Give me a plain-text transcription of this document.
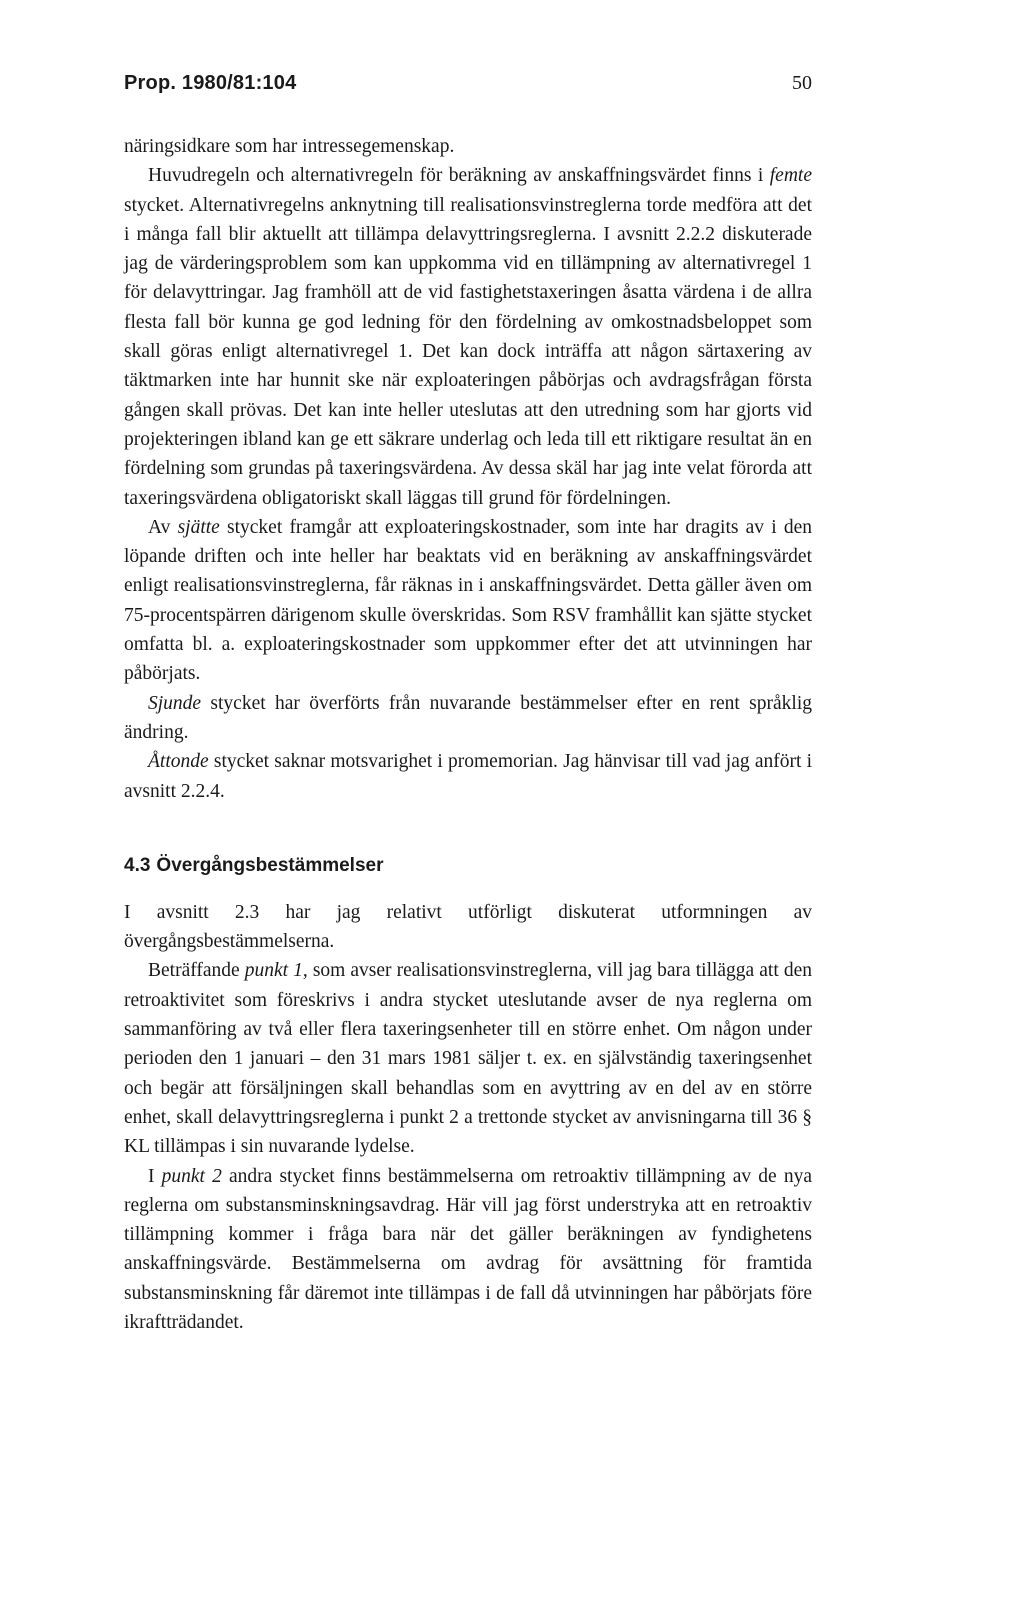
Prop. 1980/81:104	50

näringsidkare som har intressegemenskap.

Huvudregeln och alternativregeln för beräkning av anskaffningsvärdet finns i femte stycket. Alternativregelns anknytning till realisationsvinstreglerna torde medföra att det i många fall blir aktuellt att tillämpa delavyttringsreglerna. I avsnitt 2.2.2 diskuterade jag de värderingsproblem som kan uppkomma vid en tillämpning av alternativregel 1 för delavyttringar. Jag framhöll att de vid fastighetstaxeringen åsatta värdena i de allra flesta fall bör kunna ge god ledning för den fördelning av omkostnadsbeloppet som skall göras enligt alternativregel 1. Det kan dock inträffa att någon särtaxering av täktmarken inte har hunnit ske när exploateringen påbörjas och avdragsfrågan första gången skall prövas. Det kan inte heller uteslutas att den utredning som har gjorts vid projekteringen ibland kan ge ett säkrare underlag och leda till ett riktigare resultat än en fördelning som grundas på taxeringsvärdena. Av dessa skäl har jag inte velat förorda att taxeringsvärdena obligatoriskt skall läggas till grund för fördelningen.

Av sjätte stycket framgår att exploateringskostnader, som inte har dragits av i den löpande driften och inte heller har beaktats vid en beräkning av anskaffningsvärdet enligt realisationsvinstreglerna, får räknas in i anskaffningsvärdet. Detta gäller även om 75-procentspärren därigenom skulle överskridas. Som RSV framhållit kan sjätte stycket omfatta bl. a. exploateringskostnader som uppkommer efter det att utvinningen har påbörjats.

Sjunde stycket har överförts från nuvarande bestämmelser efter en rent språklig ändring.

Åttonde stycket saknar motsvarighet i promemorian. Jag hänvisar till vad jag anfört i avsnitt 2.2.4.

4.3 Övergångsbestämmelser

I avsnitt 2.3 har jag relativt utförligt diskuterat utformningen av övergångsbestämmelserna.

Beträffande punkt 1, som avser realisationsvinstreglerna, vill jag bara tillägga att den retroaktivitet som föreskrivs i andra stycket uteslutande avser de nya reglerna om sammanföring av två eller flera taxeringsenheter till en större enhet. Om någon under perioden den 1 januari – den 31 mars 1981 säljer t. ex. en självständig taxeringsenhet och begär att försäljningen skall behandlas som en avyttring av en del av en större enhet, skall delavyttringsreglerna i punkt 2 a trettonde stycket av anvisningarna till 36 § KL tillämpas i sin nuvarande lydelse.

I punkt 2 andra stycket finns bestämmelserna om retroaktiv tillämpning av de nya reglerna om substansminskningsavdrag. Här vill jag först understryka att en retroaktiv tillämpning kommer i fråga bara när det gäller beräkningen av fyndighetens anskaffningsvärde. Bestämmelserna om avdrag för avsättning för framtida substansminskning får däremot inte tillämpas i de fall då utvinningen har påbörjats före ikraftträdandet.
